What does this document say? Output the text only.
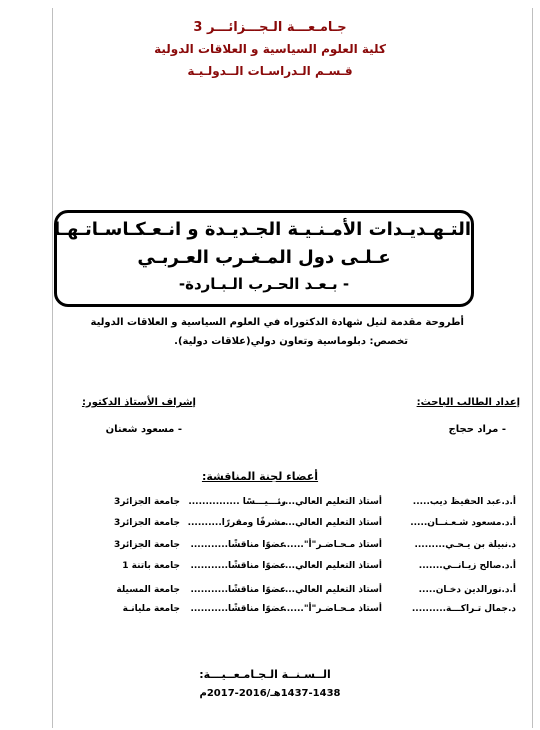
جـامـعـــة الـجـــزائـــر 3
كلية العلوم السياسية و العلاقات الدولية
قـسـم الـدراسـات الــدولـيـة
التـهـديـدات الأمـنـيـة الجـديـدة و انـعـكـاسـاتـهـا
عـلـى دول المـغـرب العـربـي
- بـعـد الحـرب الـبـاردة-
أطروحة مقدمة لنيل شهادة الدكتوراه في العلوم السياسية و العلاقات الدولية
تخصص: دبلوماسية وتعاون دولي(علاقات دولية).
إعداد الطالب الباحث:
- مراد حجاج
إشراف الأستاذ الدكتور:
- مسعود شعنان
أعضاء لجنة المناقشة:
أ.د.عبد الحفيظ ديب.....
أستاذ التعليم العالي.....
رئـــيـــسًا ...............
جامعة الجزائر3
أ.د.مسعود شـعـنــان.....
أستاذ التعليم العالي.....
مشرفًا ومقررًا..........
جامعة الجزائر3
د.نبيلة بن يـحـي.........
أستاذ مـحـاضـر"أ"......
عضوًا مناقشًا...........
جامعة الجزائر3
أ.د.صالح زيـانــي.......
أستاذ التعليم العالي.....
عضوًا مناقشًا...........
جامعة باتنة 1
أ.د.نورالدين دخـان.....
أستاذ التعليم العالي.....
عضوًا مناقشًا...........
جامعة المسيلة
د.جمال تـراكـــة..........
أستاذ مـحـاضـر"أ"......
عضوًا مناقشًا...........
جامعة مليانـة
الــسـنــة الـجـامـعــيـــة:
1437-1438هـ/2016-2017م
